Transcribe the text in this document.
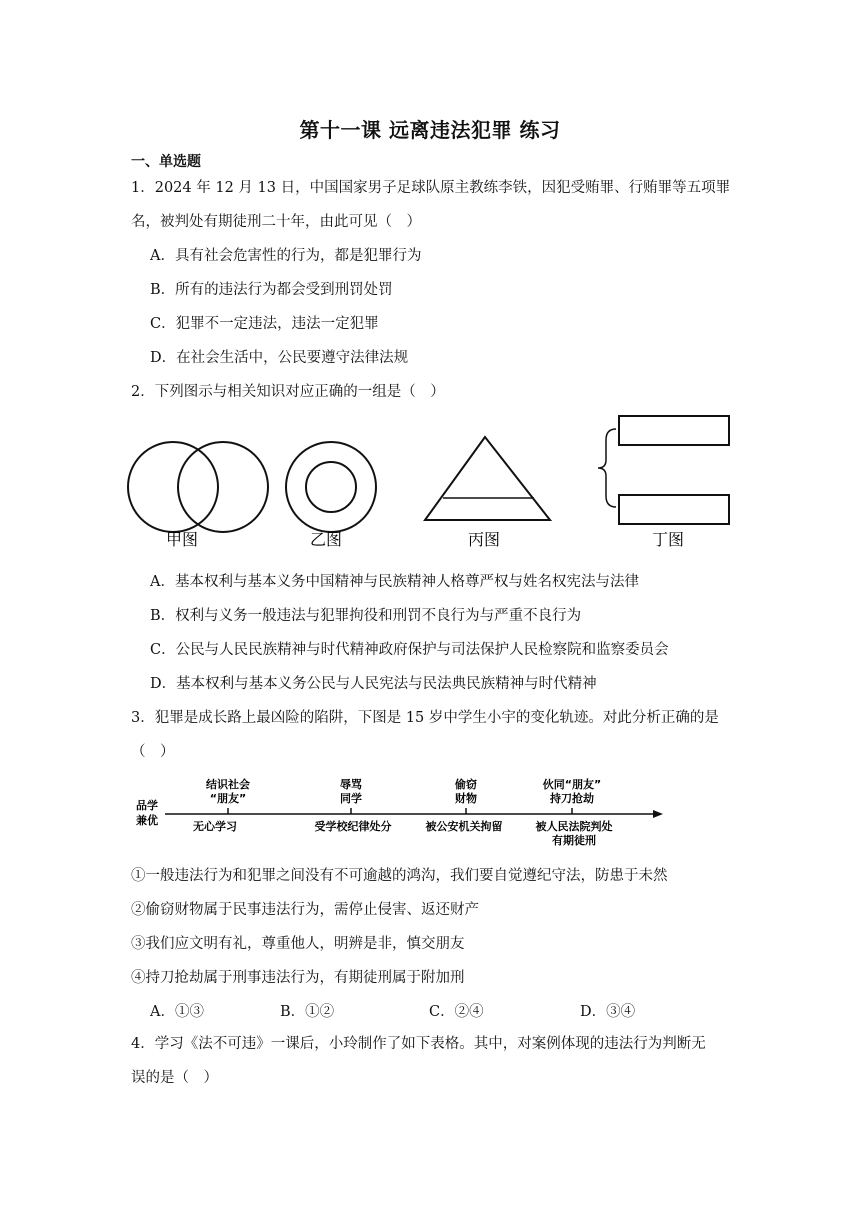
第十一课 远离违法犯罪 练习
一、单选题
1．2024 年 12 月 13 日，中国国家男子足球队原主教练李铁，因犯受贿罪、行贿罪等五项罪
名，被判处有期徒刑二十年，由此可见（　）
A．具有社会危害性的行为，都是犯罪行为
B．所有的违法行为都会受到刑罚处罚
C．犯罪不一定违法，违法一定犯罪
D．在社会生活中，公民要遵守法律法规
2．下列图示与相关知识对应正确的一组是（　）
甲图	乙图	丙图	丁图
A．基本权利与基本义务中国精神与民族精神人格尊严权与姓名权宪法与法律
B．权利与义务一般违法与犯罪拘役和刑罚不良行为与严重不良行为
C．公民与人民民族精神与时代精神政府保护与司法保护人民检察院和监察委员会
D．基本权利与基本义务公民与人民宪法与民法典民族精神与时代精神
3．犯罪是成长路上最凶险的陷阱，下图是 15 岁中学生小宇的变化轨迹。对此分析正确的是
（　）
品学
兼优
结识社会
“朋友”
辱骂
同学
偷窃
财物
伙同“朋友”
持刀抢劫
无心学习	受学校纪律处分	被公安机关拘留	被人民法院判处
有期徒刑
①一般违法行为和犯罪之间没有不可逾越的鸿沟，我们要自觉遵纪守法，防患于未然
②偷窃财物属于民事违法行为，需停止侵害、返还财产
③我们应文明有礼，尊重他人，明辨是非，慎交朋友
④持刀抢劫属于刑事违法行为，有期徒刑属于附加刑
A．①③	B．①②	C．②④	D．③④
4．学习《法不可违》一课后，小玲制作了如下表格。其中，对案例体现的违法行为判断无
误的是（　）
